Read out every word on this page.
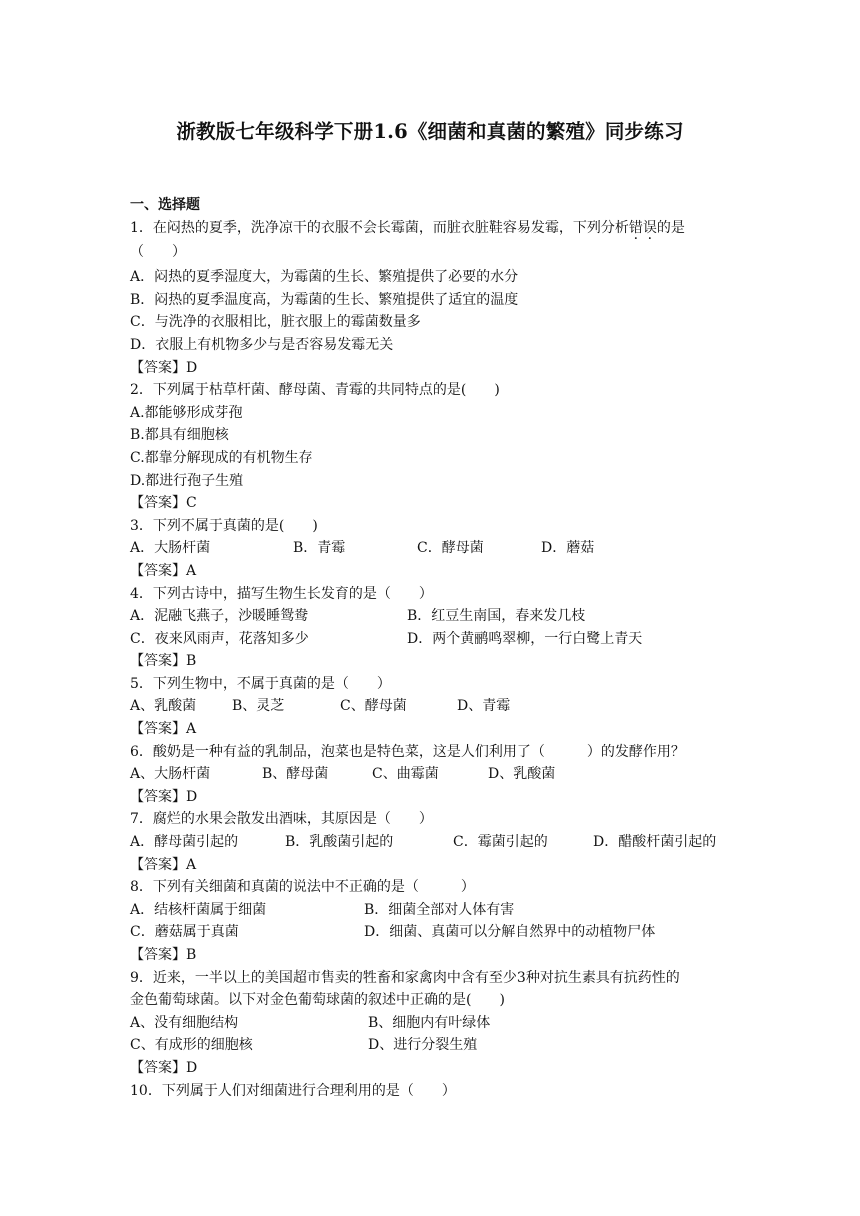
浙教版七年级科学下册1.6《细菌和真菌的繁殖》同步练习
一、选择题
1．在闷热的夏季，洗净凉干的衣服不会长霉菌，而脏衣脏鞋容易发霉，下列分析错误的是
（　　）
A．闷热的夏季湿度大，为霉菌的生长、繁殖提供了必要的水分
B．闷热的夏季温度高，为霉菌的生长、繁殖提供了适宜的温度
C．与洗净的衣服相比，脏衣服上的霉菌数量多
D．衣服上有机物多少与是否容易发霉无关
【答案】D
2．下列属于枯草杆菌、酵母菌、青霉的共同特点的是(　　)
A.都能够形成芽孢
B.都具有细胞核
C.都靠分解现成的有机物生存
D.都进行孢子生殖
【答案】C
3．下列不属于真菌的是(　　)
A．大肠杆菌	B．青霉	C．酵母菌	D．蘑菇
【答案】A
4．下列古诗中，描写生物生长发育的是（　　）
A．泥融飞燕子，沙暖睡鸳鸯	B．红豆生南国，春来发几枝
C．夜来风雨声，花落知多少	D．两个黄鹂鸣翠柳，一行白鹭上青天
【答案】B
5．下列生物中，不属于真菌的是（　　）
A、乳酸菌	B、灵芝	C、酵母菌	D、青霉
【答案】A
6．酸奶是一种有益的乳制品，泡菜也是特色菜，这是人们利用了（　　　）的发酵作用？
A、大肠杆菌	B、酵母菌	C、曲霉菌	D、乳酸菌
【答案】D
7．腐烂的水果会散发出酒味，其原因是（　　）
A．酵母菌引起的	B．乳酸菌引起的	C．霉菌引起的	D．醋酸杆菌引起的
【答案】A
8．下列有关细菌和真菌的说法中不正确的是（　　　）
A．结核杆菌属于细菌	B．细菌全部对人体有害
C．蘑菇属于真菌	D．细菌、真菌可以分解自然界中的动植物尸体
【答案】B
9．近来，一半以上的美国超市售卖的牲畜和家禽肉中含有至少3种对抗生素具有抗药性的
金色葡萄球菌。以下对金色葡萄球菌的叙述中正确的是(　　)
A、没有细胞结构	B、细胞内有叶绿体
C、有成形的细胞核	D、进行分裂生殖
【答案】D
10．下列属于人们对细菌进行合理利用的是（　　）
